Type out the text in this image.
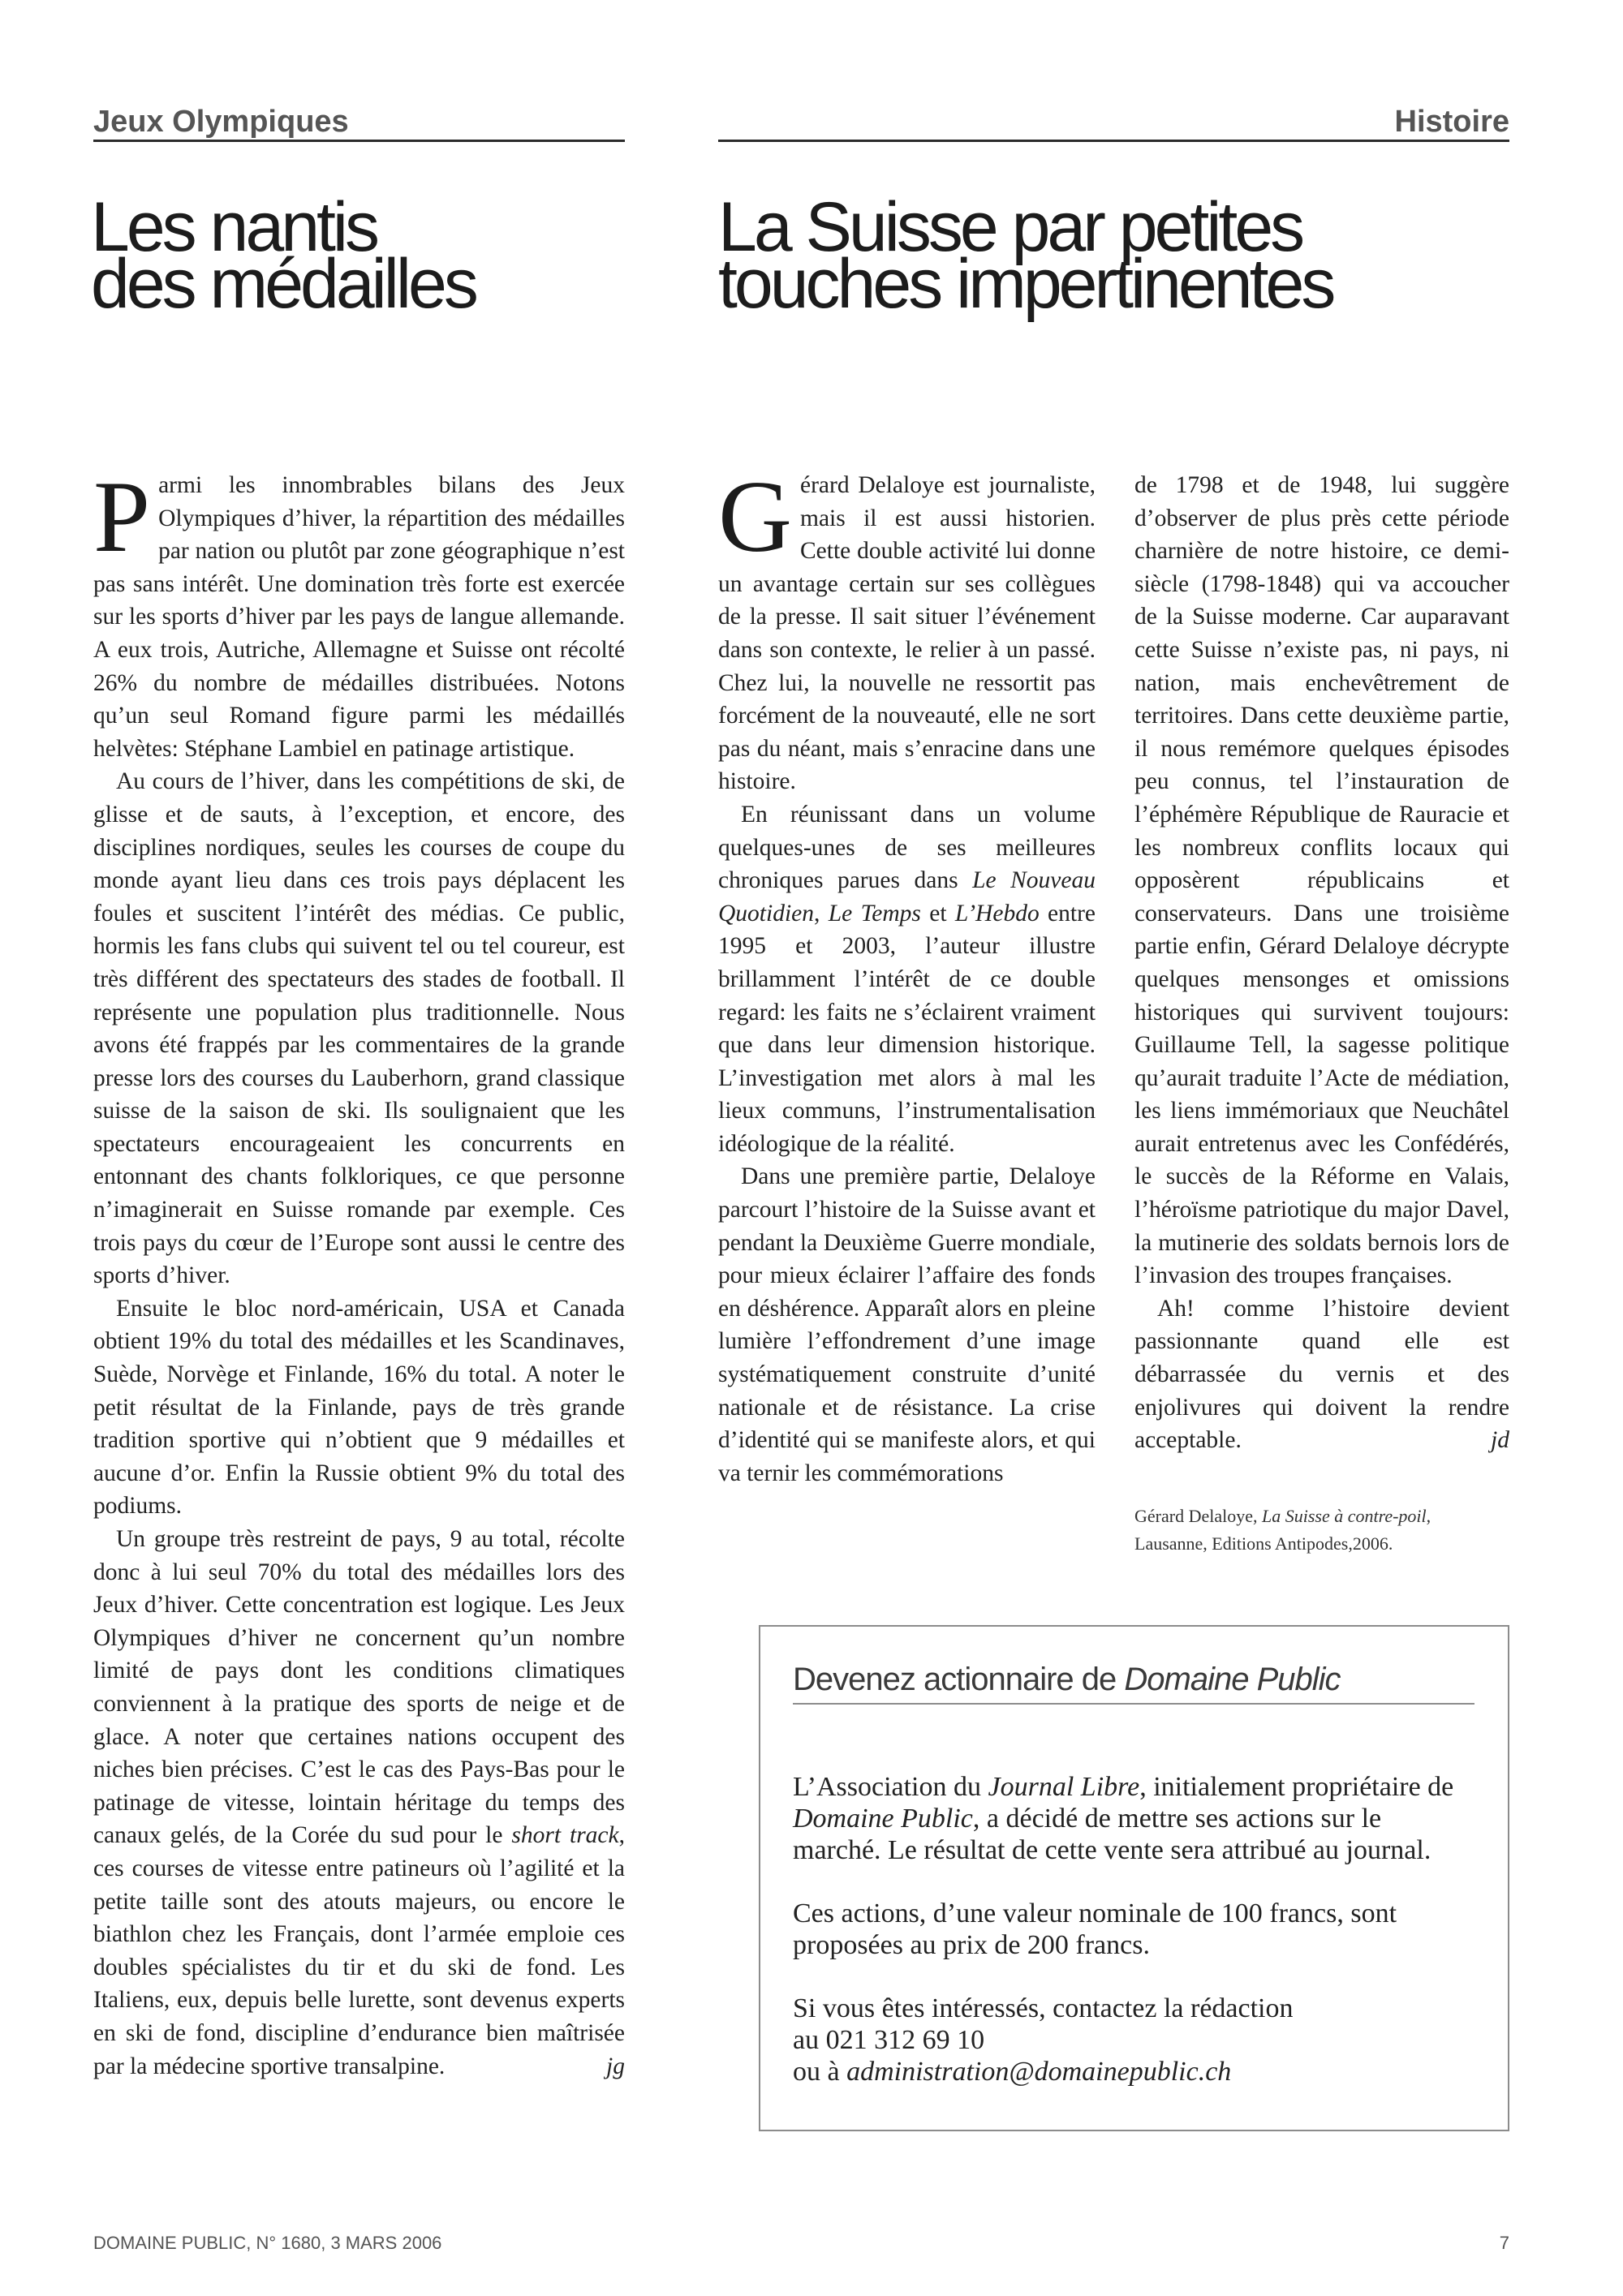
Jeux Olympiques	Histoire
Les nantis
des médailles
La Suisse par petites
touches impertinentes

Parmi les innombrables bilans des Jeux Olympiques d’hiver, la répartition des médailles par nation ou plutôt par zone géographique n’est pas sans intérêt. Une domination très forte est exercée sur les sports d’hiver par les pays de langue allemande. A eux trois, Autriche, Allemagne et Suisse ont récolté 26% du nombre de médailles distribuées. Notons qu’un seul Romand figure parmi les médaillés helvètes: Stéphane Lambiel en patinage artistique.

Au cours de l’hiver, dans les compétitions de ski, de glisse et de sauts, à l’exception, et encore, des disciplines nordiques, seules les courses de coupe du monde ayant lieu dans ces trois pays déplacent les foules et suscitent l’intérêt des médias. Ce public, hormis les fans clubs qui suivent tel ou tel coureur, est très différent des spectateurs des stades de football. Il représente une population plus traditionnelle. Nous avons été frappés par les commentaires de la grande presse lors des courses du Lauberhorn, grand classique suisse de la saison de ski. Ils soulignaient que les spectateurs encourageaient les concurrents en entonnant des chants folkloriques, ce que personne n’imaginerait en Suisse romande par exemple. Ces trois pays du cœur de l’Europe sont aussi le centre des sports d’hiver.

Ensuite le bloc nord-américain, USA et Canada obtient 19% du total des médailles et les Scandinaves, Suède, Norvège et Finlande, 16% du total. A noter le petit résultat de la Finlande, pays de très grande tradition sportive qui n’obtient que 9 médailles et aucune d’or. Enfin la Russie obtient 9% du total des podiums.

Un groupe très restreint de pays, 9 au total, récolte donc à lui seul 70% du total des médailles lors des Jeux d’hiver. Cette concentration est logique. Les Jeux Olympiques d’hiver ne concernent qu’un nombre limité de pays dont les conditions climatiques conviennent à la pratique des sports de neige et de glace. A noter que certaines nations occupent des niches bien précises. C’est le cas des Pays-Bas pour le patinage de vitesse, lointain héritage du temps des canaux gelés, de la Corée du sud pour le short track, ces courses de vitesse entre patineurs où l’agilité et la petite taille sont des atouts majeurs, ou encore le biathlon chez les Français, dont l’armée emploie ces doubles spécialistes du tir et du ski de fond. Les Italiens, eux, depuis belle lurette, sont devenus experts en ski de fond, discipline d’endurance bien maîtrisée par la médecine sportive transalpine.	jg

Gérard Delaloye est journaliste, mais il est aussi historien. Cette double activité lui donne un avantage certain sur ses collègues de la presse. Il sait situer l’événement dans son contexte, le relier à un passé. Chez lui, la nouvelle ne ressortit pas forcément de la nouveauté, elle ne sort pas du néant, mais s’enracine dans une histoire.

En réunissant dans un volume quelques-unes de ses meilleures chroniques parues dans Le Nouveau Quotidien, Le Temps et L’Hebdo entre 1995 et 2003, l’auteur illustre brillamment l’intérêt de ce double regard: les faits ne s’éclairent vraiment que dans leur dimension historique. L’investigation met alors à mal les lieux communs, l’instrumentalisation idéologique de la réalité.

Dans une première partie, Delaloye parcourt l’histoire de la Suisse avant et pendant la Deuxième Guerre mondiale, pour mieux éclairer l’affaire des fonds en déshérence. Apparaît alors en pleine lumière l’effondrement d’une image systématiquement construite d’unité nationale et de résistance. La crise d’identité qui se manifeste alors, et qui va ternir les commémorations

de 1798 et de 1948, lui suggère d’observer de plus près cette période charnière de notre histoire, ce demi-siècle (1798-1848) qui va accoucher de la Suisse moderne. Car auparavant cette Suisse n’existe pas, ni pays, ni nation, mais enchevêtrement de territoires. Dans cette deuxième partie, il nous remémore quelques épisodes peu connus, tel l’instauration de l’éphémère République de Rauracie et les nombreux conflits locaux qui opposèrent républicains et conservateurs. Dans une troisième partie enfin, Gérard Delaloye décrypte quelques mensonges et omissions historiques qui survivent toujours: Guillaume Tell, la sagesse politique qu’aurait traduite l’Acte de médiation, les liens immémoriaux que Neuchâtel aurait entretenus avec les Confédérés, le succès de la Réforme en Valais, l’héroïsme patriotique du major Davel, la mutinerie des soldats bernois lors de l’invasion des troupes françaises.

Ah! comme l’histoire devient passionnante quand elle est débarrassée du vernis et des enjolivures qui doivent la rendre acceptable.	jd

Gérard Delaloye, La Suisse à contre-poil, Lausanne, Editions Antipodes,2006.
Devenez actionnaire de Domaine Public

L’Association du Journal Libre, initialement propriétaire de Domaine Public, a décidé de mettre ses actions sur le marché. Le résultat de cette vente sera attribué au journal.

Ces actions, d’une valeur nominale de 100 francs, sont proposées au prix de 200 francs.

Si vous êtes intéressés, contactez la rédaction
au 021 312 69 10
ou à administration@domainepublic.ch

DOMAINE PUBLIC, N° 1680, 3 MARS 2006	7
